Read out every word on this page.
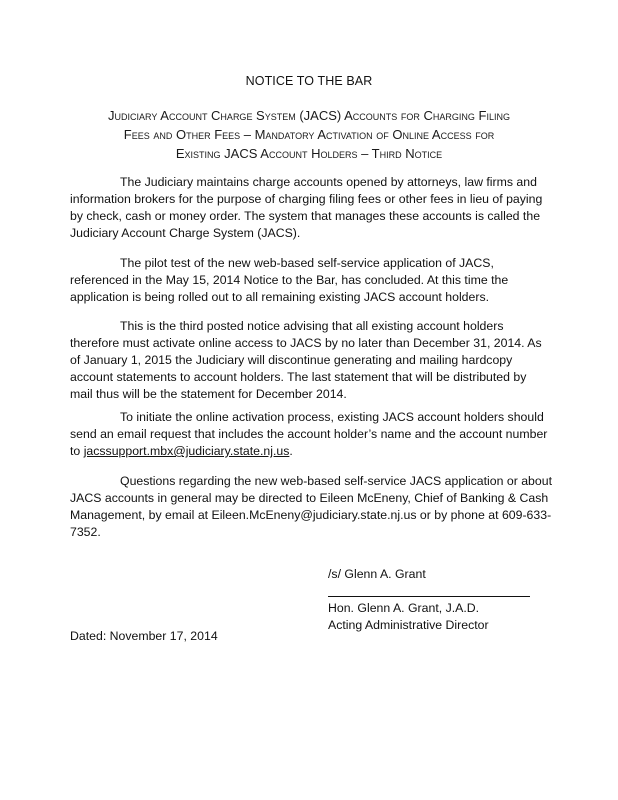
NOTICE TO THE BAR
Judiciary Account Charge System (JACS) Accounts for Charging Filing
Fees and Other Fees – Mandatory Activation of Online Access for
Existing JACS Account Holders – Third Notice

The Judiciary maintains charge accounts opened by attorneys, law firms and information brokers for the purpose of charging filing fees or other fees in lieu of paying by check, cash or money order. The system that manages these accounts is called the Judiciary Account Charge System (JACS).

The pilot test of the new web-based self-service application of JACS, referenced in the May 15, 2014 Notice to the Bar, has concluded. At this time the application is being rolled out to all remaining existing JACS account holders.

This is the third posted notice advising that all existing account holders therefore must activate online access to JACS by no later than December 31, 2014. As of January 1, 2015 the Judiciary will discontinue generating and mailing hardcopy account statements to account holders. The last statement that will be distributed by mail thus will be the statement for December 2014.

To initiate the online activation process, existing JACS account holders should send an email request that includes the account holder’s name and the account number to jacssupport.mbx@judiciary.state.nj.us.

Questions regarding the new web-based self-service JACS application or about JACS accounts in general may be directed to Eileen McEneny, Chief of Banking & Cash Management, by email at Eileen.McEneny@judiciary.state.nj.us or by phone at 609-633-7352.

/s/ Glenn A. Grant
Hon. Glenn A. Grant, J.A.D.
Acting Administrative Director
Dated: November 17, 2014
